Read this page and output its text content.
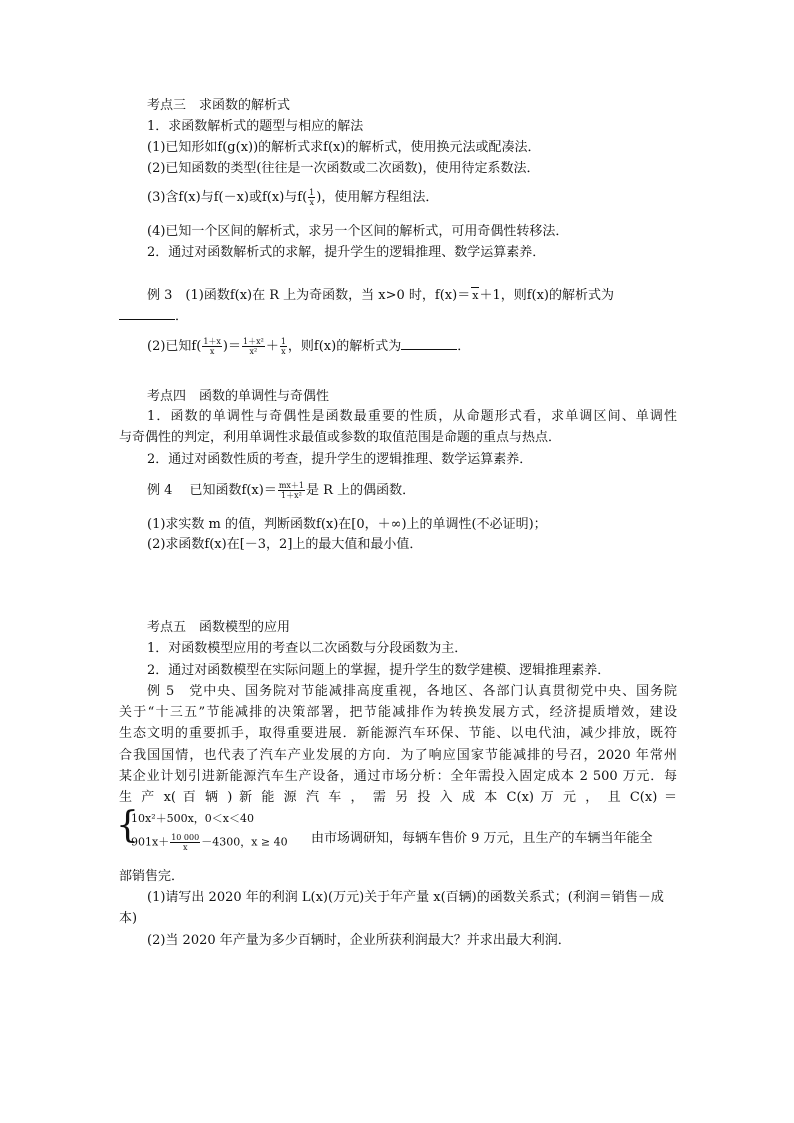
考点三　求函数的解析式
1．求函数解析式的题型与相应的解法
(1)已知形如f(g(x))的解析式求f(x)的解析式，使用换元法或配凑法．
(2)已知函数的类型(往往是一次函数或二次函数)，使用待定系数法．
(3)含f(x)与f(－x)或f(x)与$f( \frac{1}{x}$ )，使用解方程组法．
(4)已知一个区间的解析式，求另一个区间的解析式，可用奇偶性转移法．
2．通过对函数解析式的求解，提升学生的逻辑推理、数学运算素养．
例 3　(1)函数f(x)在 R 上为奇函数，当 x>0 时，f(x)＝ x＋1，则f(x)的解析式为
．
(2)已知$f( \frac{1+x}{x}$ )＝ $\frac{\text{1＋x²}}{\text{x²}} + \frac{1}{x}$ ，则f(x)的解析式为	．
考点四　函数的单调性与奇偶性
1．函数的单调性与奇偶性是函数最重要的性质，从命题形式看，求单调区间、单调性
与奇偶性的判定，利用单调性求最值或参数的取值范围是命题的重点与热点．
2．通过对函数性质的考查，提升学生的逻辑推理、数学运算素养．
例 4　 已知函数$f(x)= \frac{mx+1}{\text{1＋x²}}$ 是 R 上的偶函数．
(1)求实数 m 的值，判断函数f(x)在[0，＋∞)上的单调性(不必证明)；
(2)求函数f(x)在[－3，2]上的最大值和最小值．
考点五　函数模型的应用
1．对函数模型应用的考查以二次函数与分段函数为主．
2．通过对函数模型在实际问题上的掌握，提升学生的数学建模、逻辑推理素养．
例 5　党中央、国务院对节能减排高度重视，各地区、各部门认真贯彻党中央、国务院
关于“十三五”节能减排的决策部署，把节能减排作为转换发展方式，经济提质增效，建设
生态文明的重要抓手，取得重要进展．新能源汽车环保、节能、以电代油，减少排放，既符
合我国国情，也代表了汽车产业发展的方向．为了响应国家节能减排的号召，2020 年常州
某企业计划引进新能源汽车生产设备，通过市场分析：全年需投入固定成本 2 500 万元．每
生 产 x( 百 辆 ) 新 能 源 汽 车 ， 需 另 投 入 成 本 C(x) 万 元 ， 且 C(x) ＝
{
10x²＋500x，0＜x＜40
$901x+ \frac{10 000}{x} -4300$，x ≥ 40 由市场调研知，每辆车售价 9 万元，且生产的车辆当年能全
部销售完．
(1)请写出 2020 年的利润 L(x)(万元)关于年产量 x(百辆)的函数关系式；(利润＝销售－成
本)
(2)当 2020 年产量为多少百辆时，企业所获利润最大？并求出最大利润．
